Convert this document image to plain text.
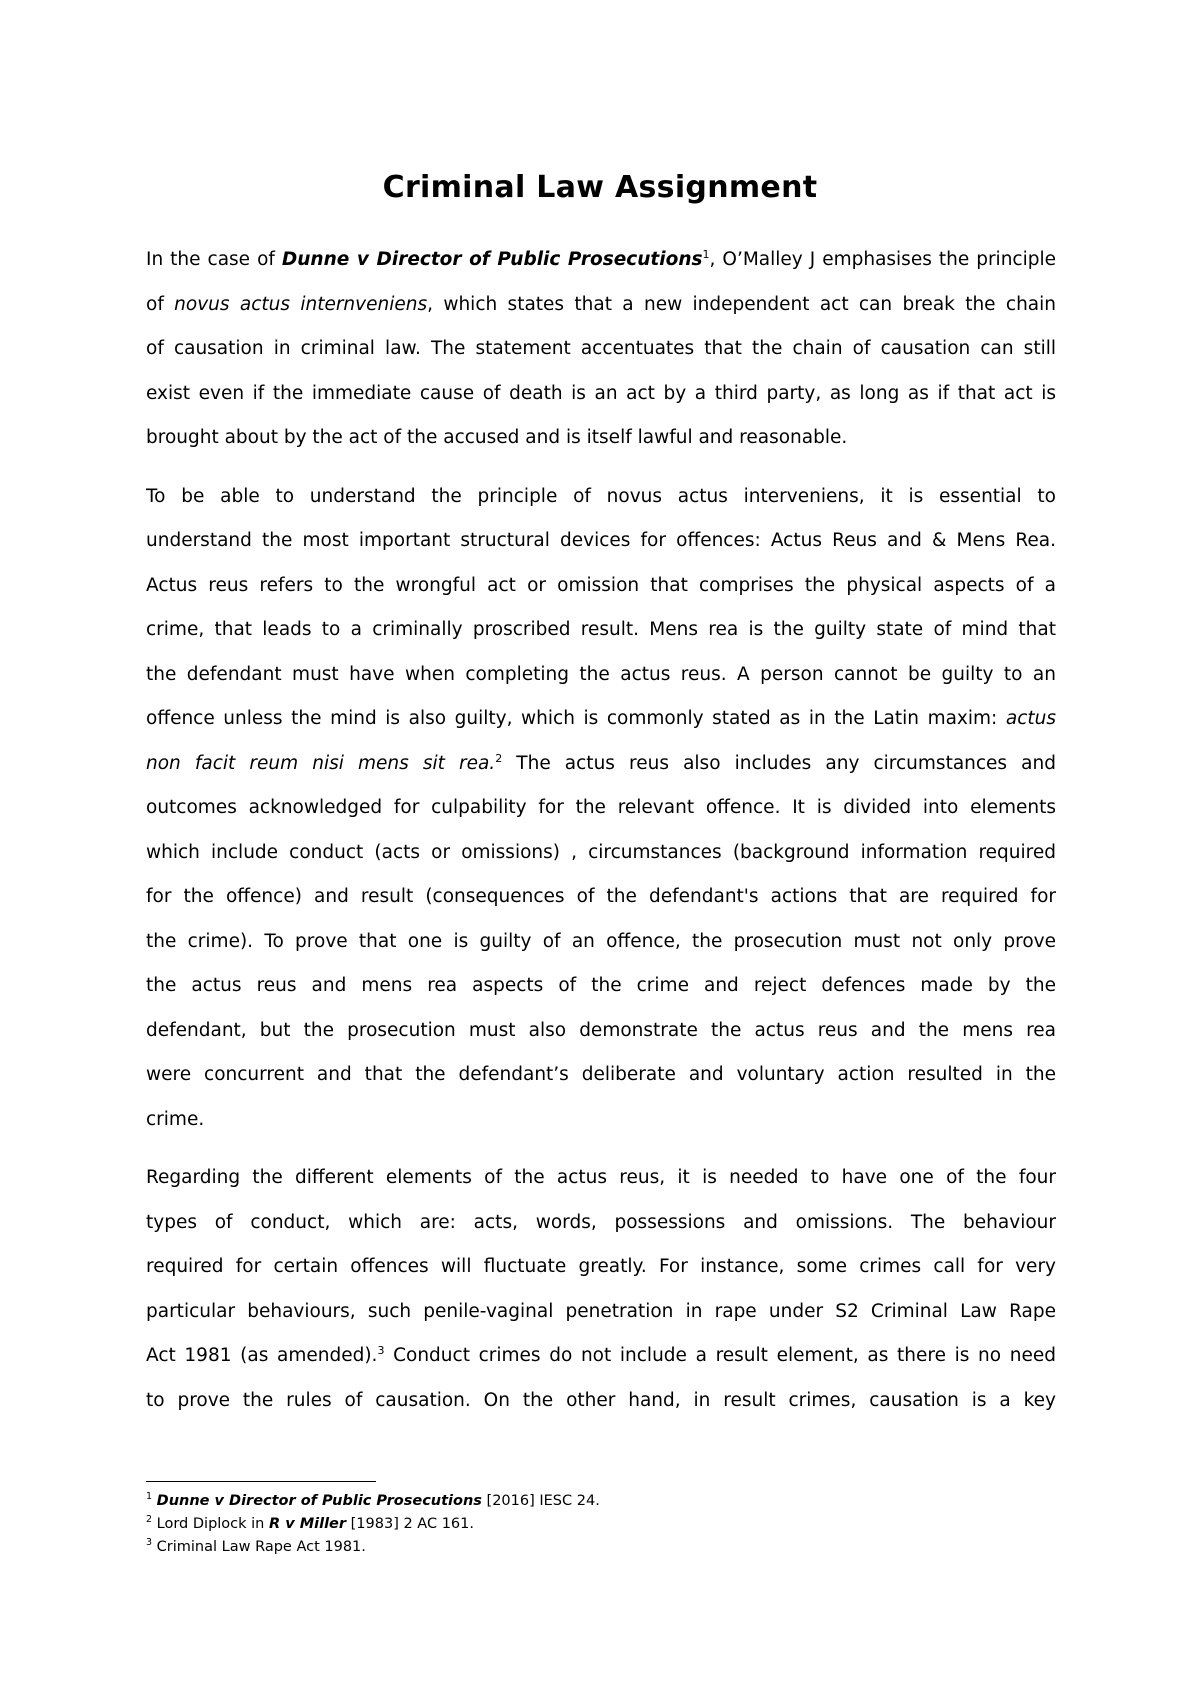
Criminal Law Assignment

In the case of Dunne v Director of Public Prosecutions$^1$, O’Malley J emphasises the principle
of novus actus internveniens, which states that a new independent act can break the chain
of causation in criminal law. The statement accentuates that the chain of causation can still
exist even if the immediate cause of death is an act by a third party, as long as if that act is
brought about by the act of the accused and is itself lawful and reasonable.

To be able to understand the principle of novus actus interveniens, it is essential to
understand the most important structural devices for offences: Actus Reus and & Mens Rea.
Actus reus refers to the wrongful act or omission that comprises the physical aspects of a
crime, that leads to a criminally proscribed result. Mens rea is the guilty state of mind that
the defendant must have when completing the actus reus. A person cannot be guilty to an
offence unless the mind is also guilty, which is commonly stated as in the Latin maxim: actus
non facit reum nisi mens sit rea.$^2$ The actus reus also includes any circumstances and
outcomes acknowledged for culpability for the relevant offence. It is divided into elements
which include conduct (acts or omissions) , circumstances (background information required
for the offence) and result (consequences of the defendant's actions that are required for
the crime). To prove that one is guilty of an offence, the prosecution must not only prove
the actus reus and mens rea aspects of the crime and reject defences made by the
defendant, but the prosecution must also demonstrate the actus reus and the mens rea
were concurrent and that the defendant’s deliberate and voluntary action resulted in the
crime.

Regarding the different elements of the actus reus, it is needed to have one of the four
types of conduct, which are: acts, words, possessions and omissions. The behaviour
required for certain offences will fluctuate greatly. For instance, some crimes call for very
particular behaviours, such penile-vaginal penetration in rape under S2 Criminal Law Rape
Act 1981 (as amended).$^3$ Conduct crimes do not include a result element, as there is no need
to prove the rules of causation. On the other hand, in result crimes, causation is a key

$^1$ Dunne v Director of Public Prosecutions [2016] IESC 24.
$^2$ Lord Diplock in R v Miller [1983] 2 AC 161.
$^3$ Criminal Law Rape Act 1981.
